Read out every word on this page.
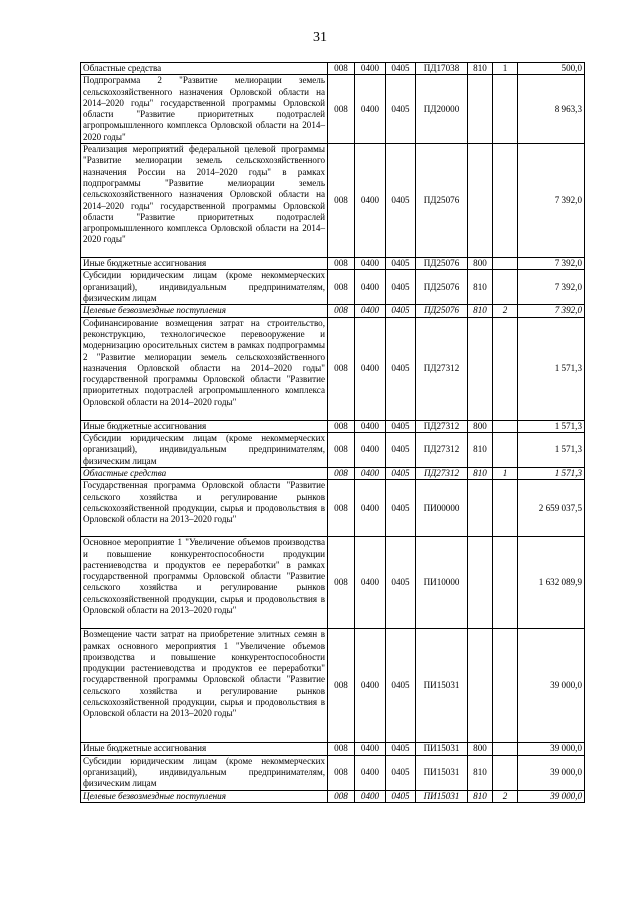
31
Областные средства	008	0400	0405	ПД17038	810	1	500,0
Подпрограмма 2 "Развитие мелиорации земель сельскохозяйственного назначения Орловской области на 2014–2020 годы" государственной программы Орловской области "Развитие приоритетных подотраслей агропромышленного комплекса Орловской области на 2014–2020 годы"	008	0400	0405	ПД20000			8 963,3
Реализация мероприятий федеральной целевой программы "Развитие мелиорации земель сельскохозяйственного назначения России на 2014–2020 годы" в рамках подпрограммы "Развитие мелиорации земель сельскохозяйственного назначения Орловской области на 2014–2020 годы" государственной программы Орловской области "Развитие приоритетных подотраслей агропромышленного комплекса Орловской области на 2014–2020 годы"	008	0400	0405	ПД25076			7 392,0
Иные бюджетные ассигнования	008	0400	0405	ПД25076	800		7 392,0
Субсидии юридическим лицам (кроме некоммерческих организаций), индивидуальным предпринимателям, физическим лицам	008	0400	0405	ПД25076	810		7 392,0
Целевые безвозмездные поступления	008	0400	0405	ПД25076	810	2	7 392,0
Софинансирование возмещения затрат на строительство, реконструкцию, технологическое перевооружение и модернизацию оросительных систем в рамках подпрограммы 2 "Развитие мелиорации земель сельскохозяйственного назначения Орловской области на 2014–2020 годы" государственной программы Орловской области "Развитие приоритетных подотраслей агропромышленного комплекса Орловской области на 2014–2020 годы"	008	0400	0405	ПД27312			1 571,3
Иные бюджетные ассигнования	008	0400	0405	ПД27312	800		1 571,3
Субсидии юридическим лицам (кроме некоммерческих организаций), индивидуальным предпринимателям, физическим лицам	008	0400	0405	ПД27312	810		1 571,3
Областные средства	008	0400	0405	ПД27312	810	1	1 571,3
Государственная программа Орловской области "Развитие сельского хозяйства и регулирование рынков сельскохозяйственной продукции, сырья и продовольствия в Орловской области на 2013–2020 годы"	008	0400	0405	ПИ00000			2 659 037,5
Основное мероприятие 1 "Увеличение объемов производства и повышение конкурентоспособности продукции растениеводства и продуктов ее переработки" в рамках государственной программы Орловской области "Развитие сельского хозяйства и регулирование рынков сельскохозяйственной продукции, сырья и продовольствия в Орловской области на 2013–2020 годы"	008	0400	0405	ПИ10000			1 632 089,9
Возмещение части затрат на приобретение элитных семян в рамках основного мероприятия 1 "Увеличение объемов производства и повышение конкурентоспособности продукции растениеводства и продуктов ее переработки" государственной программы Орловской области "Развитие сельского хозяйства и регулирование рынков сельскохозяйственной продукции, сырья и продовольствия в Орловской области на 2013–2020 годы"	008	0400	0405	ПИ15031			39 000,0
Иные бюджетные ассигнования	008	0400	0405	ПИ15031	800		39 000,0
Субсидии юридическим лицам (кроме некоммерческих организаций), индивидуальным предпринимателям, физическим лицам	008	0400	0405	ПИ15031	810		39 000,0
Целевые безвозмездные поступления	008	0400	0405	ПИ15031	810	2	39 000,0
